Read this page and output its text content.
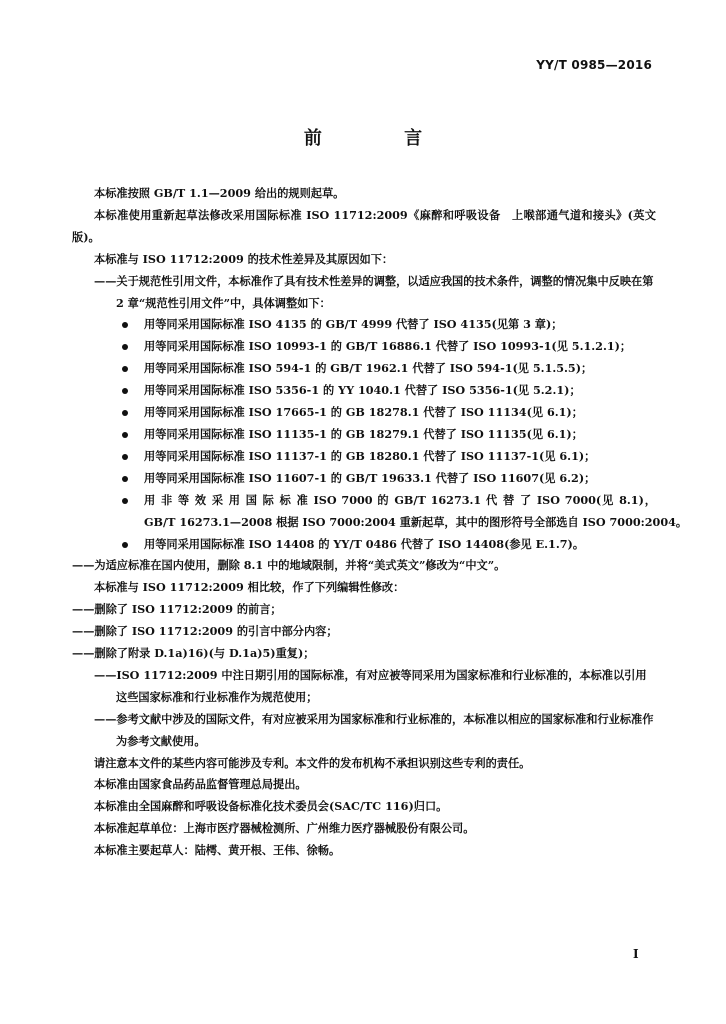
YY/T 0985—2016
前 言

本标准按照 GB/T 1.1—2009 给出的规则起草。

本标准使用重新起草法修改采用国际标准 ISO 11712:2009《麻醉和呼吸设备　上喉部通气道和接头》(英文版)。

本标准与 ISO 11712:2009 的技术性差异及其原因如下：

——关于规范性引用文件，本标准作了具有技术性差异的调整，以适应我国的技术条件，调整的情况集中反映在第 2 章“规范性引用文件”中，具体调整如下：

用等同采用国际标准 ISO 4135 的 GB/T 4999 代替了 ISO 4135(见第 3 章)；

用等同采用国际标准 ISO 10993-1 的 GB/T 16886.1 代替了 ISO 10993-1(见 5.1.2.1)；

用等同采用国际标准 ISO 594-1 的 GB/T 1962.1 代替了 ISO 594-1(见 5.1.5.5)；

用等同采用国际标准 ISO 5356-1 的 YY 1040.1 代替了 ISO 5356-1(见 5.2.1)；

用等同采用国际标准 ISO 17665-1 的 GB 18278.1 代替了 ISO 11134(见 6.1)；

用等同采用国际标准 ISO 11135-1 的 GB 18279.1 代替了 ISO 11135(见 6.1)；

用等同采用国际标准 ISO 11137-1 的 GB 18280.1 代替了 ISO 11137-1(见 6.1)；

用等同采用国际标准 ISO 11607-1 的 GB/T 19633.1 代替了 ISO 11607(见 6.2)；

用 非 等 效 采 用 国 际 标 准 ISO 7000 的 GB/T 16273.1 代 替 了 ISO 7000(见 8.1)，

GB/T 16273.1—2008 根据 ISO 7000:2004 重新起草，其中的图形符号全部选自 ISO 7000:2004。

用等同采用国际标准 ISO 14408 的 YY/T 0486 代替了 ISO 14408(参见 E.1.7)。

——为适应标准在国内使用，删除 8.1 中的地域限制，并将“美式英文”修改为“中文”。

本标准与 ISO 11712:2009 相比较，作了下列编辑性修改：

——删除了 ISO 11712:2009 的前言；

——删除了 ISO 11712:2009 的引言中部分内容；

——删除了附录 D.1a)16)(与 D.1a)5)重复)；

——ISO 11712:2009 中注日期引用的国际标准，有对应被等同采用为国家标准和行业标准的，本标准以引用这些国家标准和行业标准作为规范使用；

——参考文献中涉及的国际文件，有对应被采用为国家标准和行业标准的，本标准以相应的国家标准和行业标准作为参考文献使用。

请注意本文件的某些内容可能涉及专利。本文件的发布机构不承担识别这些专利的责任。

本标准由国家食品药品监督管理总局提出。

本标准由全国麻醉和呼吸设备标准化技术委员会(SAC/TC 116)归口。

本标准起草单位：上海市医疗器械检测所、广州维力医疗器械股份有限公司。

本标准主要起草人：陆樗、黄开根、王伟、徐畅。

I
